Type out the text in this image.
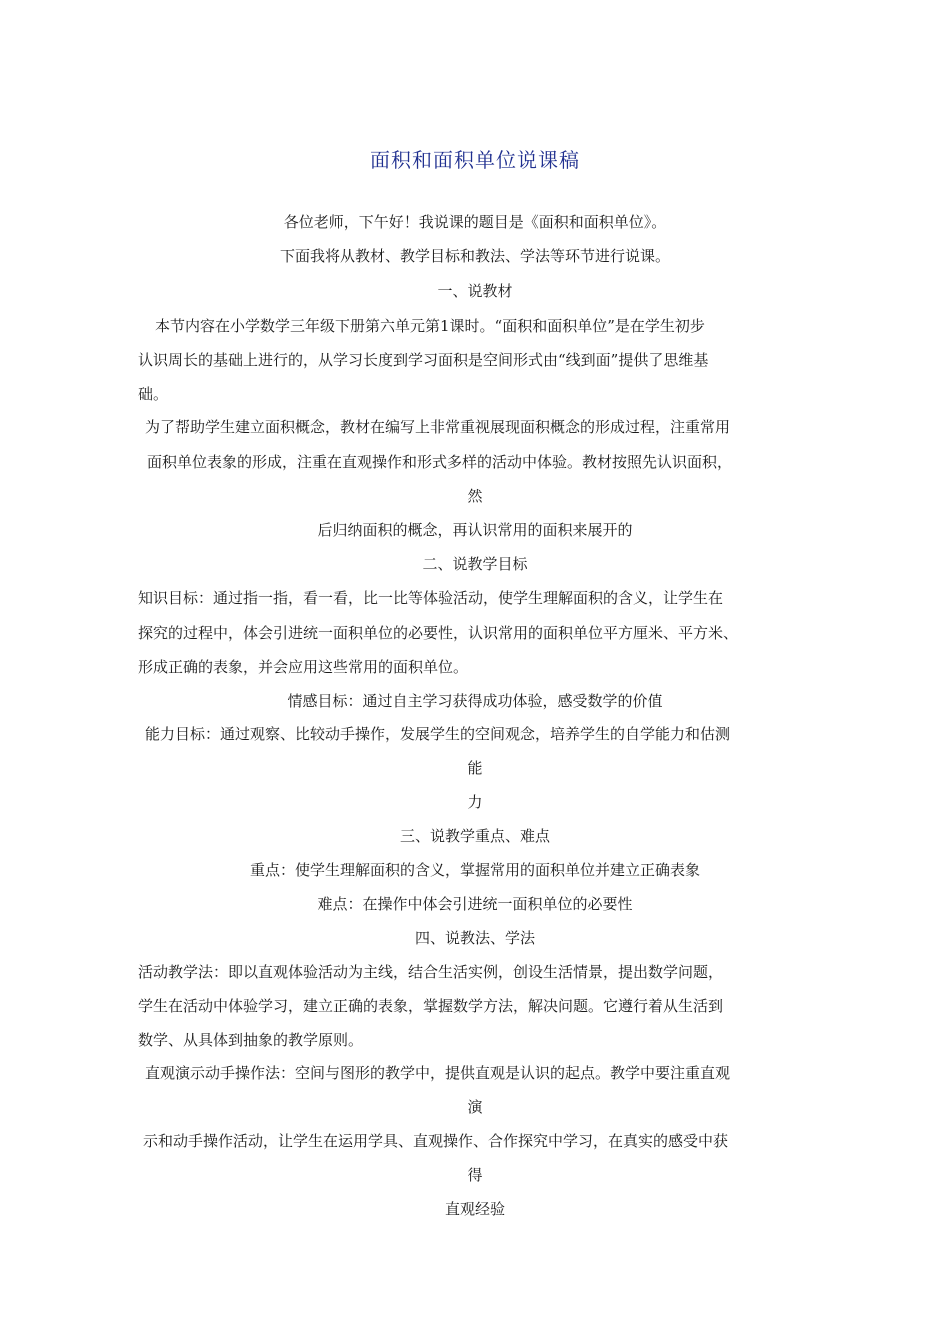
面积和面积单位说课稿
各位老师，下午好！我说课的题目是《面积和面积单位》。
下面我将从教材、教学目标和教法、学法等环节进行说课。
一、说教材
本节内容在小学数学三年级下册第六单元第1课时。“面积和面积单位”是在学生初步
认识周长的基础上进行的，从学习长度到学习面积是空间形式由“线到面”提供了思维基
础。
为了帮助学生建立面积概念，教材在编写上非常重视展现面积概念的形成过程，注重常用
面积单位表象的形成，注重在直观操作和形式多样的活动中体验。教材按照先认识面积，
然
后归纳面积的概念，再认识常用的面积来展开的
二、说教学目标
知识目标：通过指一指，看一看，比一比等体验活动，使学生理解面积的含义，让学生在
探究的过程中，体会引进统一面积单位的必要性，认识常用的面积单位平方厘米、平方米、
形成正确的表象，并会应用这些常用的面积单位。
情感目标：通过自主学习获得成功体验，感受数学的价值
能力目标：通过观察、比较动手操作，发展学生的空间观念，培养学生的自学能力和估测
能
力
三、说教学重点、难点
重点：使学生理解面积的含义，掌握常用的面积单位并建立正确表象
难点：在操作中体会引进统一面积单位的必要性
四、说教法、学法
活动教学法：即以直观体验活动为主线，结合生活实例，创设生活情景，提出数学问题，
学生在活动中体验学习，建立正确的表象，掌握数学方法，解决问题。它遵行着从生活到
数学、从具体到抽象的教学原则。
直观演示动手操作法：空间与图形的教学中，提供直观是认识的起点。教学中要注重直观
演
示和动手操作活动，让学生在运用学具、直观操作、合作探究中学习，在真实的感受中获
得
直观经验
